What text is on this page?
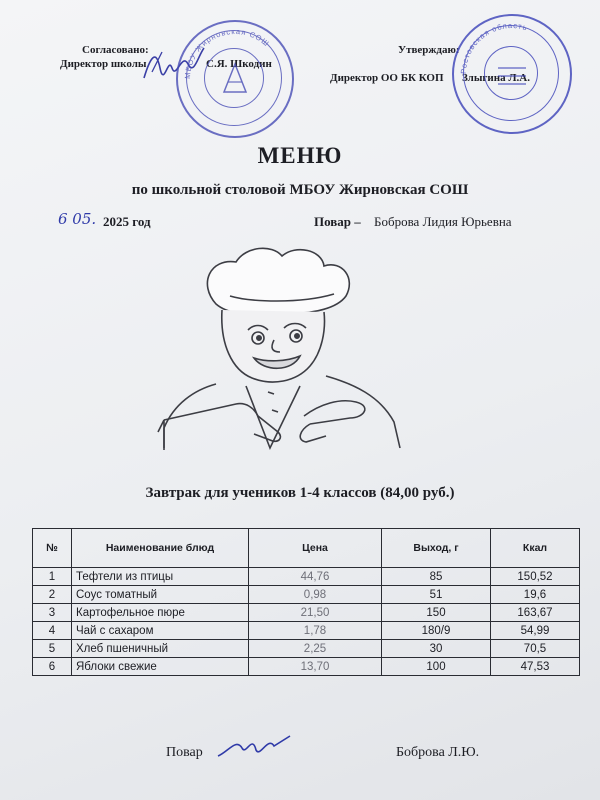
Согласовано:
Директор школы	С.Я. Шкодин
Утверждаю:
Директор ОО БК КОП Злыгина Л.А.
МБОУ Жирновская СОШ
Ростовская область
МЕНЮ
по школьной столовой МБОУ Жирновская СОШ
6 05. 2025 год	Повар – Боброва Лидия Юрьевна
Завтрак для учеников 1-4 классов (84,00 руб.)
№	Наименование блюд	Цена	Выход, г	Ккал
1	Тефтели из птицы	44,76	85	150,52
2	Соус томатный	0,98	51	19,6
3	Картофельное пюре	21,50	150	163,67
4	Чай с сахаром	1,78	180/9	54,99
5	Хлеб пшеничный	2,25	30	70,5
6	Яблоки свежие	13,70	100	47,53
Повар	Боброва Л.Ю.
